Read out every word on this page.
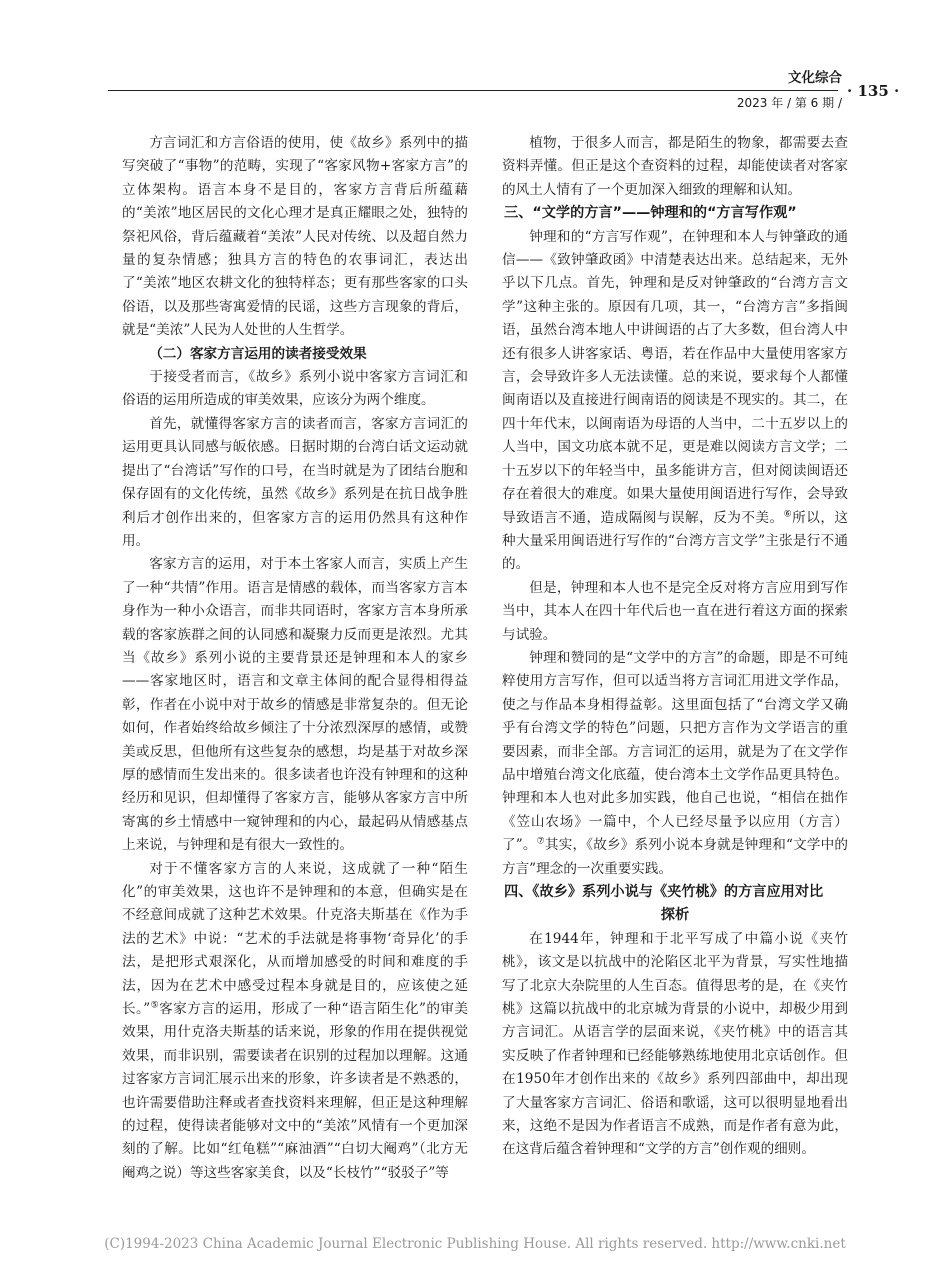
文化综合
2023 年 / 第 6 期 /
· 135 ·

方言词汇和方言俗语的使用，使《故乡》系列中的描写突破了“事物”的范畴，实现了“客家风物+客家方言”的立体架构。语言本身不是目的，客家方言背后所蕴藉的“美浓”地区居民的文化心理才是真正耀眼之处，独特的祭祀风俗，背后蕴藏着“美浓”人民对传统、以及超自然力量的复杂情感；独具方言的特色的农事词汇，表达出了“美浓”地区农耕文化的独特样态；更有那些客家的口头俗语，以及那些寄寓爱情的民谣，这些方言现象的背后，就是“美浓”人民为人处世的人生哲学。

（二）客家方言运用的读者接受效果

于接受者而言，《故乡》系列小说中客家方言词汇和俗语的运用所造成的审美效果，应该分为两个维度。

首先，就懂得客家方言的读者而言，客家方言词汇的运用更具认同感与皈依感。日据时期的台湾白话文运动就提出了“台湾话”写作的口号，在当时就是为了团结台胞和保存固有的文化传统，虽然《故乡》系列是在抗日战争胜利后才创作出来的，但客家方言的运用仍然具有这种作用。

客家方言的运用，对于本土客家人而言，实质上产生了一种“共情”作用。语言是情感的载体，而当客家方言本身作为一种小众语言，而非共同语时，客家方言本身所承载的客家族群之间的认同感和凝聚力反而更是浓烈。尤其当《故乡》系列小说的主要背景还是钟理和本人的家乡——客家地区时，语言和文章主体间的配合显得相得益彰，作者在小说中对于故乡的情感是非常复杂的。但无论如何，作者始终给故乡倾注了十分浓烈深厚的感情，或赞美或反思，但他所有这些复杂的感想，均是基于对故乡深厚的感情而生发出来的。很多读者也许没有钟理和的这种经历和见识，但却懂得了客家方言，能够从客家方言中所寄寓的乡土情感中一窥钟理和的内心，最起码从情感基点上来说，与钟理和是有很大一致性的。

对于不懂客家方言的人来说，这成就了一种“陌生化”的审美效果，这也许不是钟理和的本意，但确实是在不经意间成就了这种艺术效果。什克洛夫斯基在《作为手法的艺术》中说：“艺术的手法就是将事物‘奇异化’的手法，是把形式艰深化，从而增加感受的时间和难度的手法，因为在艺术中感受过程本身就是目的，应该使之延长。”⑤客家方言的运用，形成了一种“语言陌生化”的审美效果，用什克洛夫斯基的话来说，形象的作用在提供视觉效果，而非识别，需要读者在识别的过程加以理解。这通过客家方言词汇展示出来的形象，许多读者是不熟悉的，也许需要借助注释或者查找资料来理解，但正是这种理解的过程，使得读者能够对文中的“美浓”风情有一个更加深刻的了解。比如“红龟糕”“麻油酒”“白切大阉鸡”（北方无阉鸡之说）等这些客家美食，以及“长枝竹”“驳驳子”等

植物，于很多人而言，都是陌生的物象，都需要去查资料弄懂。但正是这个查资料的过程，却能使读者对客家的风土人情有了一个更加深入细致的理解和认知。

三、“文学的方言”——钟理和的“方言写作观”

钟理和的“方言写作观”，在钟理和本人与钟肇政的通信——《致钟肇政函》中清楚表达出来。总结起来，无外乎以下几点。首先，钟理和是反对钟肇政的“台湾方言文学”这种主张的。原因有几项，其一，“台湾方言”多指闽语，虽然台湾本地人中讲闽语的占了大多数，但台湾人中还有很多人讲客家话、粤语，若在作品中大量使用客家方言，会导致许多人无法读懂。总的来说，要求每个人都懂闽南语以及直接进行闽南语的阅读是不现实的。其二，在四十年代末，以闽南语为母语的人当中，二十五岁以上的人当中，国文功底本就不足，更是难以阅读方言文学；二十五岁以下的年轻当中，虽多能讲方言，但对阅读闽语还存在着很大的难度。如果大量使用闽语进行写作，会导致导致语言不通，造成隔阂与误解，反为不美。⑥所以，这种大量采用闽语进行写作的“台湾方言文学”主张是行不通的。

但是，钟理和本人也不是完全反对将方言应用到写作当中，其本人在四十年代后也一直在进行着这方面的探索与试验。

钟理和赞同的是“文学中的方言”的命题，即是不可纯粹使用方言写作，但可以适当将方言词汇用进文学作品，使之与作品本身相得益彰。这里面包括了“台湾文学又确乎有台湾文学的特色”问题，只把方言作为文学语言的重要因素，而非全部。方言词汇的运用，就是为了在文学作品中增殖台湾文化底蕴，使台湾本土文学作品更具特色。钟理和本人也对此多加实践，他自己也说，“相信在拙作《笠山农场》一篇中，个人已经尽量予以应用（方言）了”。⑦其实，《故乡》系列小说本身就是钟理和“文学中的方言”理念的一次重要实践。

四、《故乡》系列小说与《夹竹桃》的方言应用对比
探析

在1944年，钟理和于北平写成了中篇小说《夹竹桃》，该文是以抗战中的沦陷区北平为背景，写实性地描写了北京大杂院里的人生百态。值得思考的是，在《夹竹桃》这篇以抗战中的北京城为背景的小说中，却极少用到方言词汇。从语言学的层面来说，《夹竹桃》中的语言其实反映了作者钟理和已经能够熟练地使用北京话创作。但在1950年才创作出来的《故乡》系列四部曲中，却出现了大量客家方言词汇、俗语和歌谣，这可以很明显地看出来，这绝不是因为作者语言不成熟，而是作者有意为此，在这背后蕴含着钟理和“文学的方言”创作观的细则。

(C)1994-2023 China Academic Journal Electronic Publishing House. All rights reserved. http://www.cnki.net
